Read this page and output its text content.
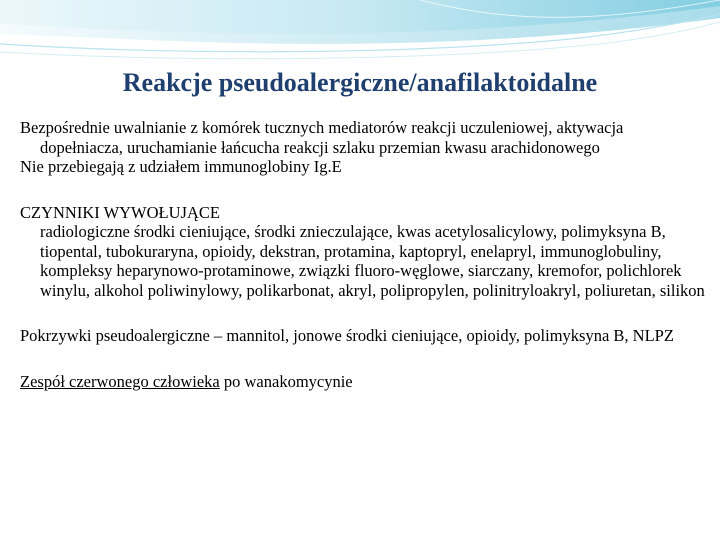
Reakcje pseudoalergiczne/anafilaktoidalne

Bezpośrednie uwalnianie z komórek tucznych mediatorów reakcji uczuleniowej, aktywacja dopełniacza, uruchamianie łańcucha reakcji szlaku przemian kwasu arachidonowego

Nie przebiegają z udziałem immunoglobiny Ig.E

CZYNNIKI WYWOŁUJĄCE

radiologiczne środki cieniujące, środki znieczulające, kwas acetylosalicylowy, polimyksyna B, tiopental, tubokuraryna, opioidy, dekstran, protamina, kaptopryl, enelapryl, immunoglobuliny, kompleksy heparynowo-protaminowe, związki fluoro-węglowe, siarczany, kremofor, polichlorek winylu, alkohol poliwinylowy, polikarbonat, akryl, polipropylen, polinitryloakryl, poliuretan, silikon

Pokrzywki pseudoalergiczne – mannitol, jonowe środki cieniujące, opioidy, polimyksyna B, NLPZ

Zespół czerwonego człowieka po wanakomycynie
